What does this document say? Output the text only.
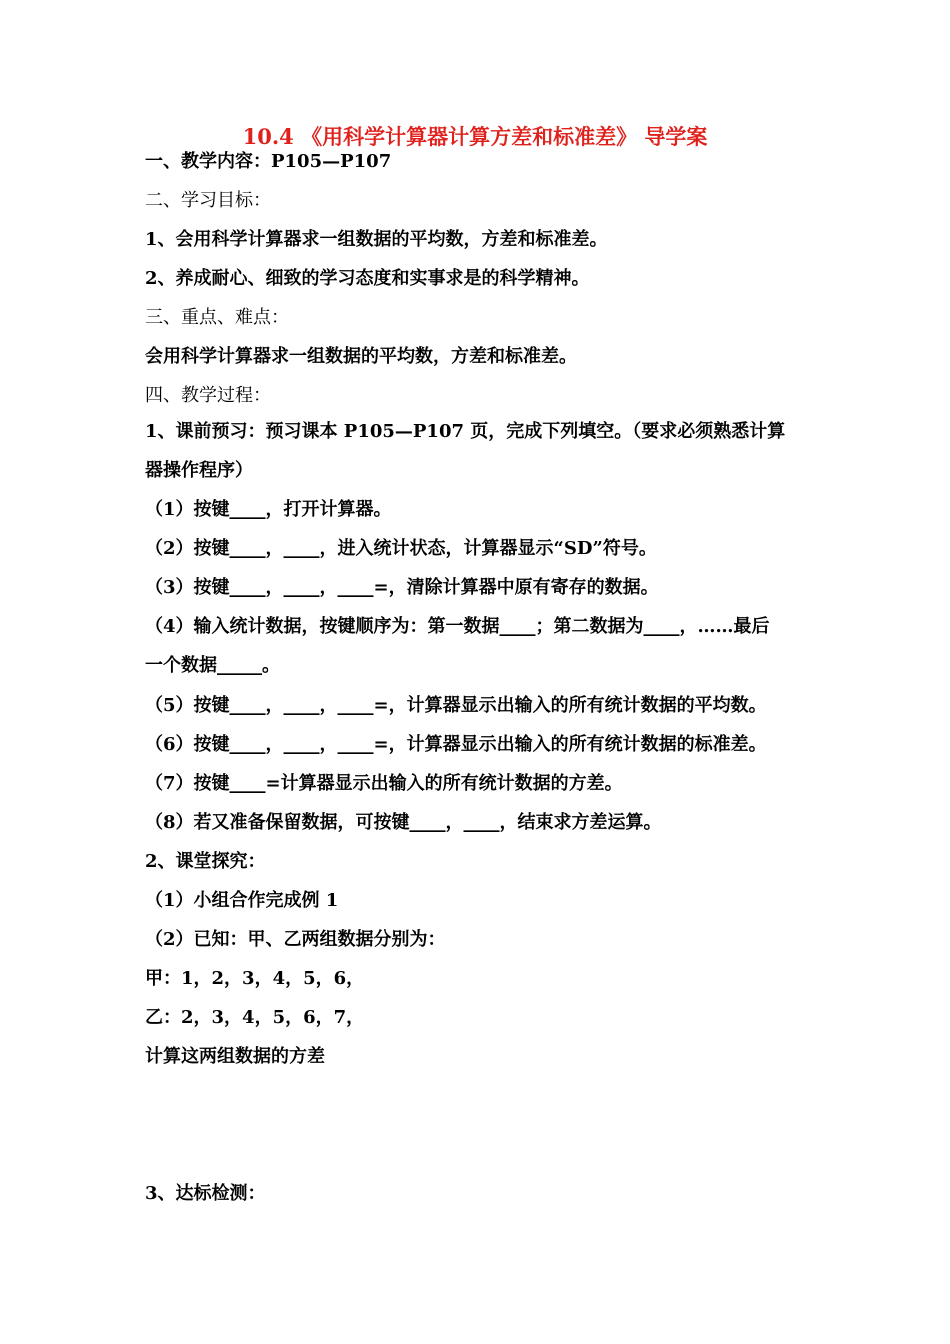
10.4 《用科学计算器计算方差和标准差》 导学案
一、教学内容：P105—P107
二、学习目标：
1、会用科学计算器求一组数据的平均数，方差和标准差。
2、养成耐心、细致的学习态度和实事求是的科学精神。
三、重点、难点：
会用科学计算器求一组数据的平均数，方差和标准差。
四、教学过程：
1、课前预习：预习课本 P105—P107 页，完成下列填空。（要求必须熟悉计算
器操作程序）
（1）按键____，打开计算器。
（2）按键____，____，进入统计状态，计算器显示“SD”符号。
（3）按键____，____，____=，清除计算器中原有寄存的数据。
（4）输入统计数据，按键顺序为：第一数据____；第二数据为____，……最后
一个数据_____。
（5）按键____，____，____=，计算器显示出输入的所有统计数据的平均数。
（6）按键____，____，____=，计算器显示出输入的所有统计数据的标准差。
（7）按键____=计算器显示出输入的所有统计数据的方差。
（8）若又准备保留数据，可按键____，____，结束求方差运算。
2、课堂探究：
（1）小组合作完成例 1
（2）已知：甲、乙两组数据分别为：
甲：1，2，3，4，5，6，
乙：2，3，4，5，6，7，
计算这两组数据的方差
3、达标检测：
